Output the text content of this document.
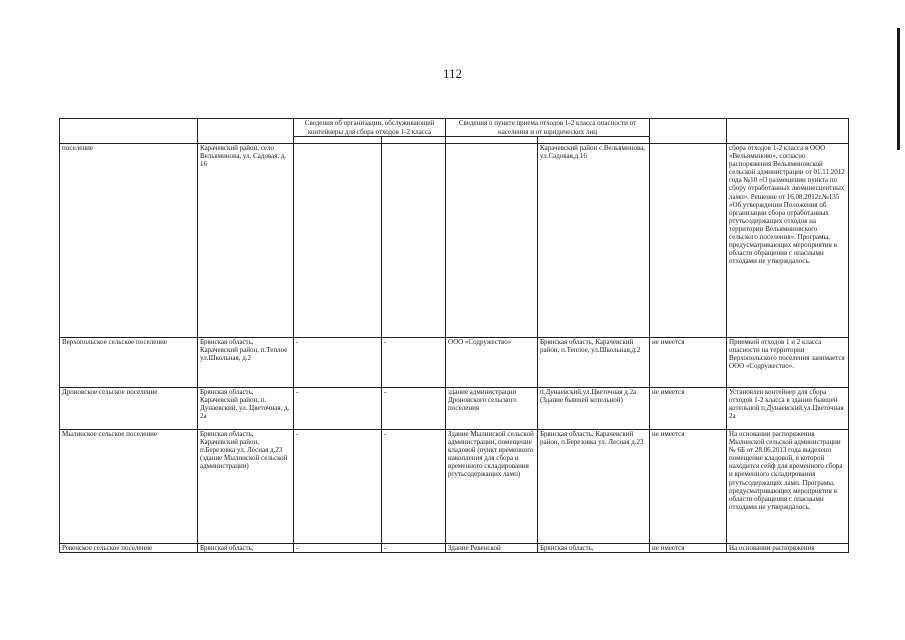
112
		Сведения об организации, обслуживающей контейнеры для сбора отходов 1-2 класса		Сведения о пункте приема отходов 1-2 класса опасности от населения и от юридических лиц			

поселение	Карачевский район, село Вельяминова, ул. Садовая, д. 16				Карачевский район с.Вельяминова, ул.Садовая,д.16		сбора отходов 1-2 класса в ООО «Вельяминово», согласно распоряжения Вельяминовской сельской администрации от 01.11.2012 года №10 «О размещении пункта по сбору отработанных люминесцентных ламп». Решение от 16.08.2012г.№135 «Об утверждении Положения об организации сбора отработанных ртутьсодержащих отходов на территории Вельяминовского сельского поселения». Програмы, предусматривающих мероприятия в области обращения с опасными отходами не утверждалось.
Верхопольское сельское поселение	Брянская область, Карачевский район, п.Теплое ул.Школьная, д.2	-	-	ООО «Содружество»	Брянская область, Карачевский район, п.Теплое, ул.Школьная,д.2	не имеется	Приемкой отходов 1 и 2 класса опасности на территории Верхопольского поселения занимается ООО «Содружество».
Дроновское сельское поселение	Брянская область, Карачевский район, п. Дунаевский, ул. Цветочная, д. 2а	-	-	здание администрации Дроновского сельского поселения	п.Дунаевский,ул.Цветочная д.2а (Здание бывшей котельной)	не имеется	Установлен контейнер для сбора отходов 1-2 класса в здании бывшей котельной п.Дунаевский,ул.Цветочная 2а
Мылинское сельское поселение	Брянская область, Карачевский район, п.Березовка ул. Лесная д.23 (здание Мылинской сельской администрации)	-	-	Здание Мылинской сельской администрации, помещение кладовой (пункт временного накопления для сбора и временного складирования ртутьсодержащих ламп)	Брянская область, Карачевский район, п.Березовка ул. Лесная д.23	не имеется	На основании распоряжения Мылинской сельской администрации № 6Б от 28.06.2013 года выделено помещение кладовой, в которой находится сейф для временного сбора и временного складирования ртутьсодержащих ламп. Програмы, предусматривающих мероприятия в области обращения с опасными отходами не утверждалось.
Ревенское сельское поселение	Брянская область,	-	-	Здание Ревенской	Брянская область,	не имеется	На основании распоряжения
